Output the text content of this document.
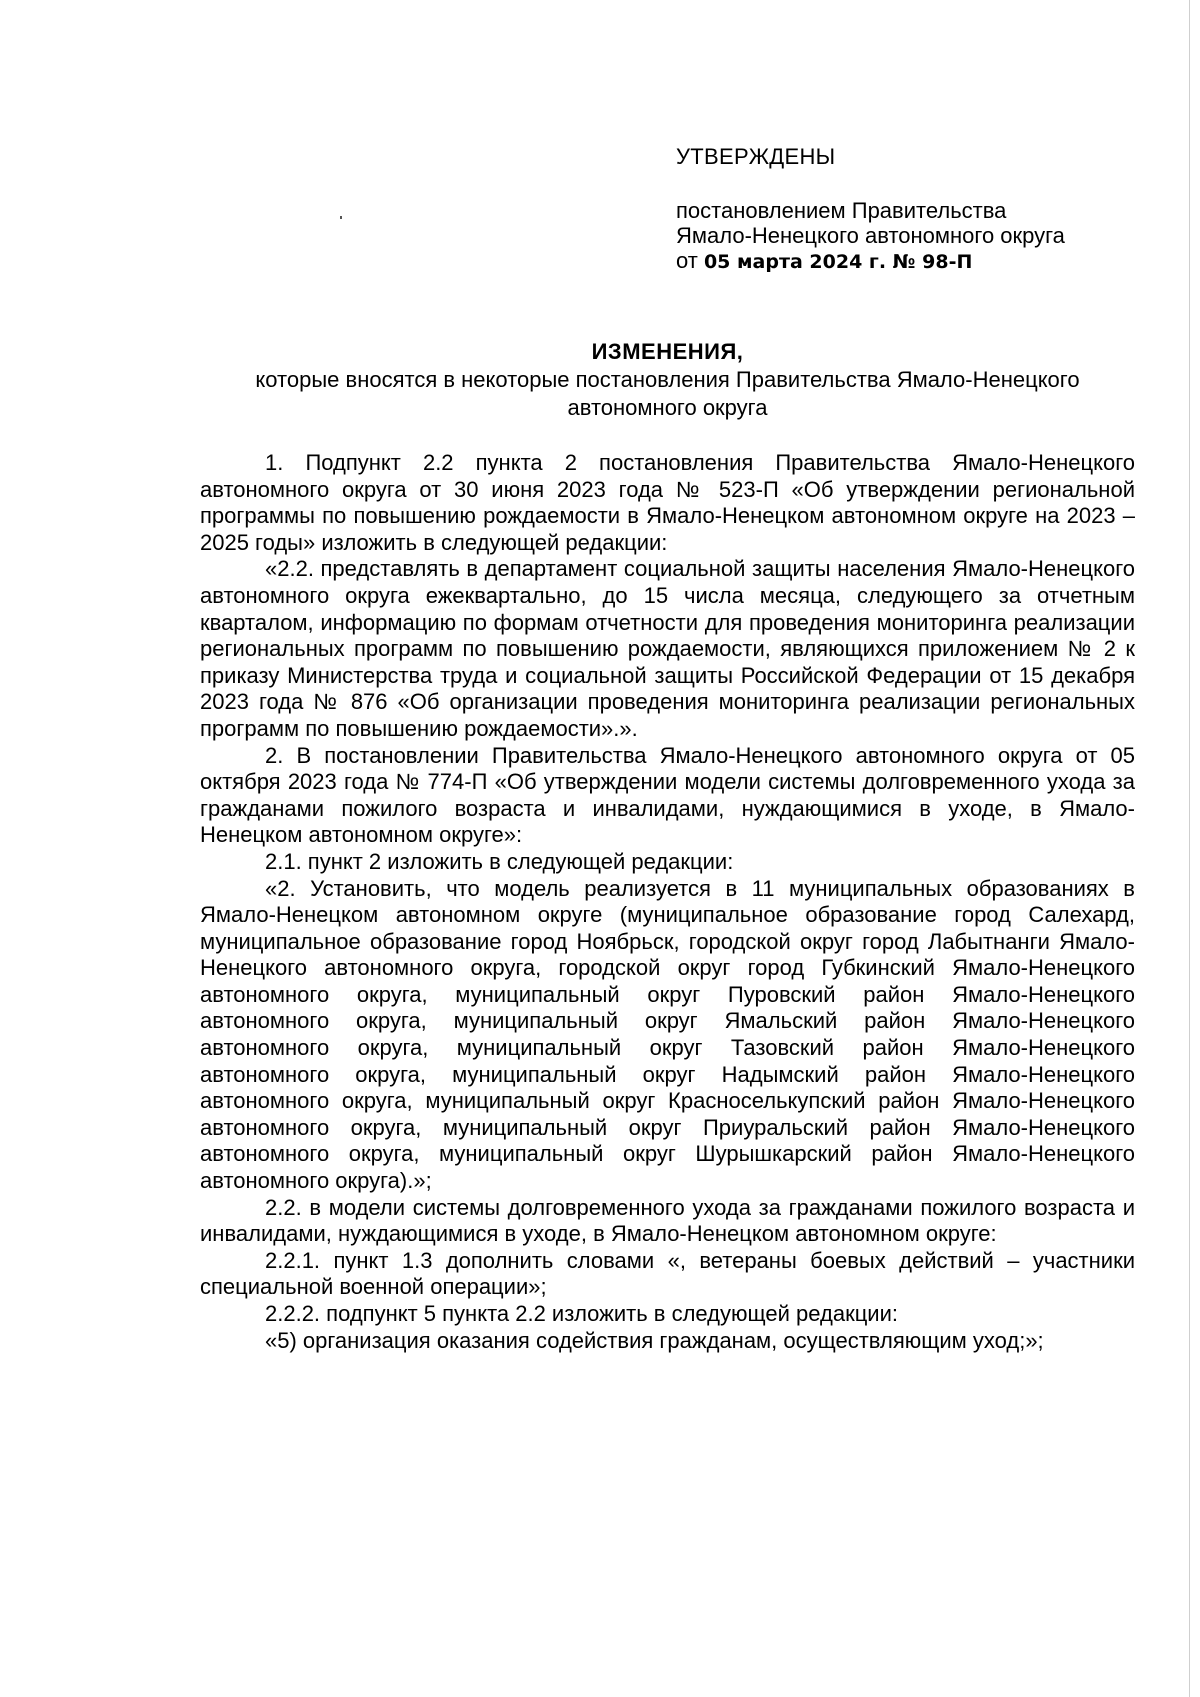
УТВЕРЖДЕНЫ
постановлением Правительства
Ямало-Ненецкого автономного округа
от 05 марта 2024 г. № 98-П
ИЗМЕНЕНИЯ,
которые вносятся в некоторые постановления Правительства Ямало-Ненецкого автономного округа

1. Подпункт 2.2 пункта 2 постановления Правительства Ямало-Ненецкого автономного округа от 30 июня 2023 года № 523-П «Об утверждении региональной программы по повышению рождаемости в Ямало-Ненецком автономном округе на 2023 – 2025 годы» изложить в следующей редакции:

«2.2. представлять в департамент социальной защиты населения Ямало-Ненецкого автономного округа ежеквартально, до 15 числа месяца, следующего за отчетным кварталом, информацию по формам отчетности для проведения мониторинга реализации региональных программ по повышению рождаемости, являющихся приложением № 2 к приказу Министерства труда и социальной защиты Российской Федерации от 15 декабря 2023 года № 876 «Об организации проведения мониторинга реализации региональных программ по повышению рождаемости».».

2. В постановлении Правительства Ямало-Ненецкого автономного округа от 05 октября 2023 года № 774-П «Об утверждении модели системы долговременного ухода за гражданами пожилого возраста и инвалидами, нуждающимися в уходе, в Ямало-Ненецком автономном округе»:

2.1. пункт 2 изложить в следующей редакции:

«2. Установить, что модель реализуется в 11 муниципальных образованиях в Ямало-Ненецком автономном округе (муниципальное образование город Салехард, муниципальное образование город Ноябрьск, городской округ город Лабытнанги Ямало-Ненецкого автономного округа, городской округ город Губкинский Ямало-Ненецкого автономного округа, муниципальный округ Пуровский район Ямало-Ненецкого автономного округа, муниципальный округ Ямальский район Ямало-Ненецкого автономного округа, муниципальный округ Тазовский район Ямало-Ненецкого автономного округа, муниципальный округ Надымский район Ямало-Ненецкого автономного округа, муниципальный округ Красноселькупский район Ямало-Ненецкого автономного округа, муниципальный округ Приуральский район Ямало-Ненецкого автономного округа, муниципальный округ Шурышкарский район Ямало-Ненецкого автономного округа).»;

2.2. в модели системы долговременного ухода за гражданами пожилого возраста и инвалидами, нуждающимися в уходе, в Ямало-Ненецком автономном округе:

2.2.1. пункт 1.3 дополнить словами «, ветераны боевых действий – участники специальной военной операции»;

2.2.2. подпункт 5 пункта 2.2 изложить в следующей редакции:

«5) организация оказания содействия гражданам, осуществляющим уход;»;
